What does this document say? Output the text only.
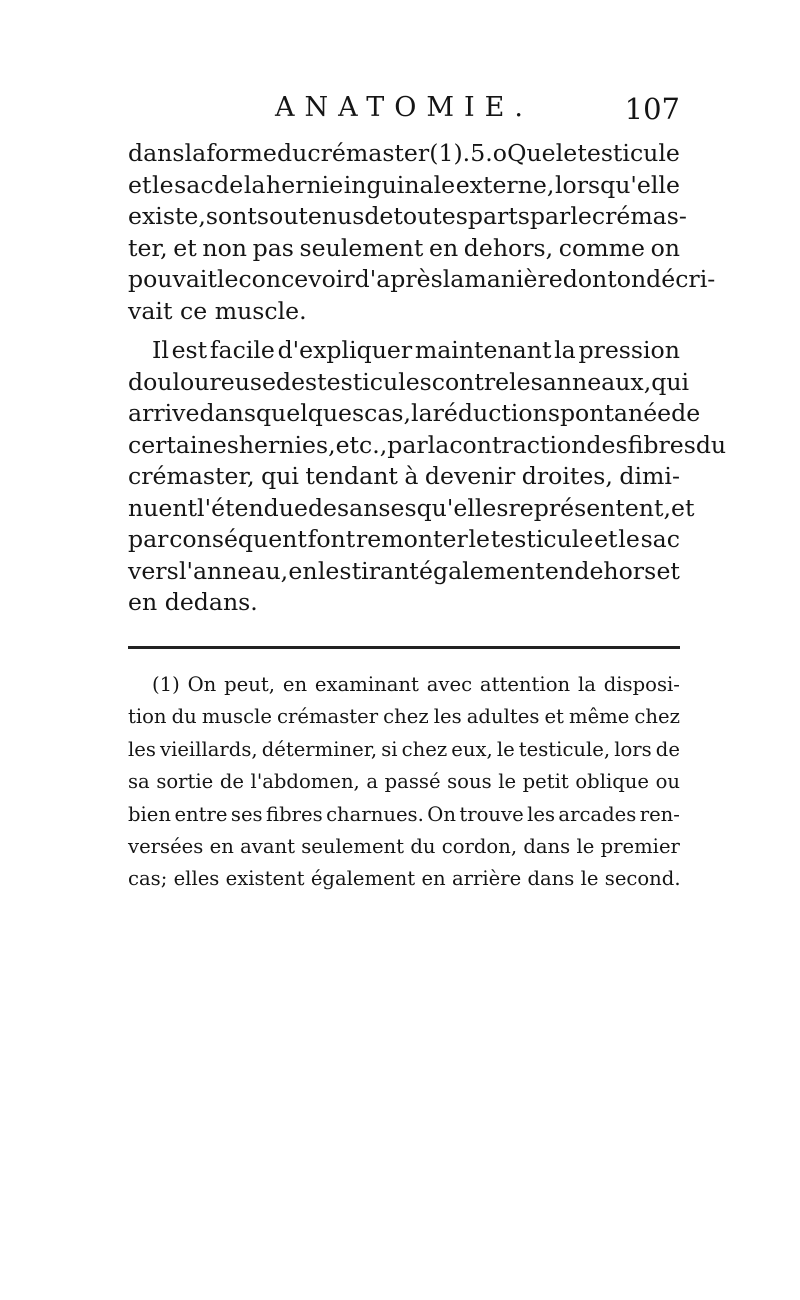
ANATOMIE.	107
dans la forme du crémaster (1). 5.o Que le testicule
et le sac de la hernie inguinale externe, lorsqu'elle
existe, sont soutenus de toutes parts par le crémas-
ter, et non pas seulement en dehors, comme on
pouvait le concevoir d'après la manière dont on décri-
vait ce muscle.
Il est facile d'expliquer maintenant la pression
douloureuse des testicules contre les anneaux, qui
arrive dans quelques cas, la réduction spontanée de
certaines hernies, etc., par la contraction des fibres du
crémaster, qui tendant à devenir droites, dimi-
nuent l'étendue des anses qu'elles représentent, et
par conséquent font remonter le testicule et le sac
vers l'anneau, en les tirant également en dehors et
en dedans.
(1) On peut, en examinant avec attention la disposi-
tion du muscle crémaster chez les adultes et même chez
les vieillards, déterminer, si chez eux, le testicule, lors de
sa sortie de l'abdomen, a passé sous le petit oblique ou
bien entre ses fibres charnues. On trouve les arcades ren-
versées en avant seulement du cordon, dans le premier
cas; elles existent également en arrière dans le second.
